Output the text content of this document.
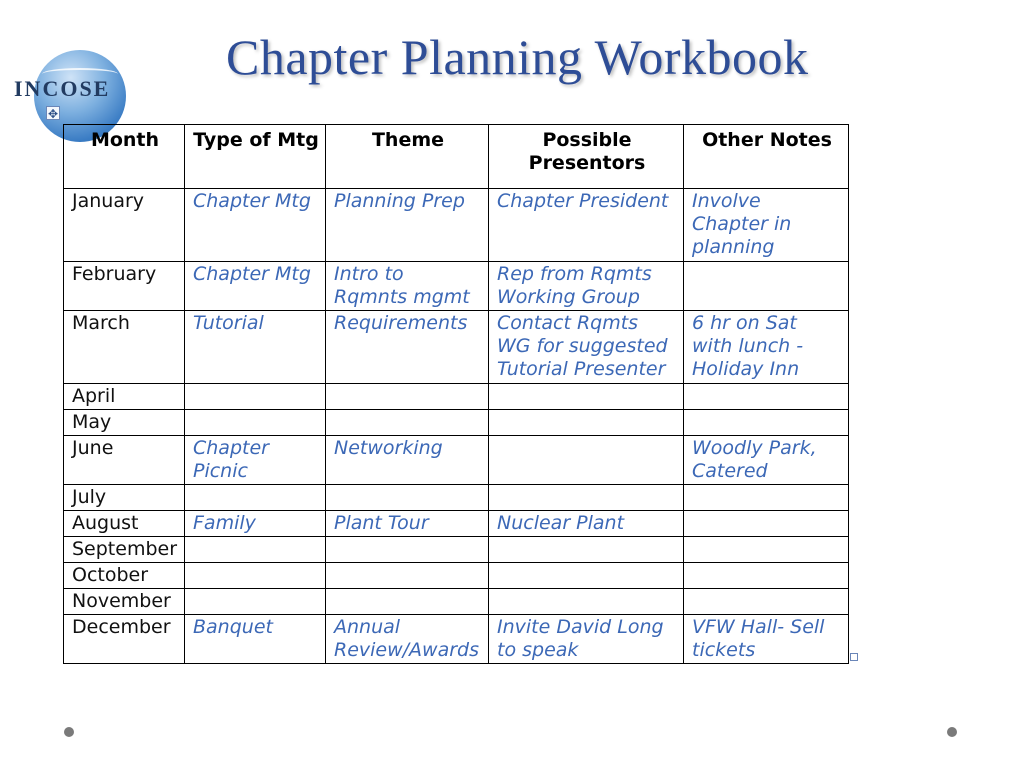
INCOSE
Chapter Planning Workbook
✥
Month	Type of Mtg	Theme	Possible Presentors	Other Notes
January	Chapter Mtg	Planning Prep	Chapter President	Involve Chapter in planning
February	Chapter Mtg	Intro to Rqmnts mgmt	Rep from Rqmts Working Group	
March	Tutorial	Requirements	Contact Rqmts WG for suggested Tutorial Presenter	6 hr on Sat with lunch - Holiday Inn
April				
May				
June	Chapter Picnic	Networking		Woodly Park, Catered
July				
August	Family	Plant Tour	Nuclear Plant	
September				
October				
November				
December	Banquet	Annual Review/Awards	Invite David Long to speak	VFW Hall- Sell tickets
